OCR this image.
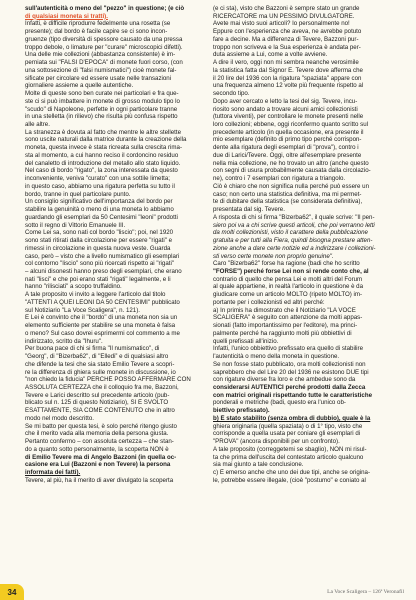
sull'autenticità o meno del "pezzo" in questione; (e ciò
di qualsiasi moneta si tratti).
Infatti, è difficile riprodurre fedelmente una rosetta (se
presente); dal bordo è facile capire se ci sono incon-
gruenze (tipo diversità di spessore causato da una pressa
troppo debole, o limature per "curare" microscopici difetti).
Una delle mie collezioni (abbastanza consistente) è im-
perniata sui "FALSI D'EPOCA" di monete fuori corso, (con
una sottosezione di "falsi numismatici") cioè monete fal-
sificate per circolare ed essere usate nelle transazioni
giornaliere assieme a quelle autentiche.
Molte di queste sono ben curate nei particolari e fra que-
ste ci si può imbattere in monete di grosso modulo tipo lo
"scudo" di Napoleone, perfette in ogni particolare tranne
in una stelletta (in rilievo) che risulta più confusa rispetto
alle altre.
La stranezza è dovuta al fatto che mentre le altre stellette
sono uscite naturali dalla matrice durante la creazione della
moneta, questa invece è stata ricreata sulla crescita rima-
sta al momento, a cui hanno reciso il cordoncino residuo
del canaletto di introduzione del metallo allo stato liquido.
Nel caso di bordo "rigato", la zona interessata da questo
inconveniente, veniva "curato" con una sottile limetta;
in questo caso, abbiamo una rigatura perfetta su tutto il
bordo, tranne in quel particolare punto.
Un consiglio significativo dell'importanza del bordo per
stabilire la genuinità o meno di una moneta lo abbiamo
guardando gli esemplari da 50 Centesimi "leoni" prodotti
sotto il regno di Vittorio Emanuele III.
Come Lei sa, sono nati col bordo "liscio"; poi, nel 1920
sono stati ritirati dalla circolazione per essere "rigati" e
rimessi in circolazione in questa nuova veste. Guarda
caso, però – visto che a livello numismatico gli esemplari
col contorno "liscio" sono più ricercati rispetto ai "rigati"
– alcuni disonesti hanno preso degli esemplari, che erano
nati "lisci" e che poi erano stati "rigati" legalmente, e li
hanno "rilisciati" a scopo truffaldino.
A tale proposito vi invito a leggere l'articolo dal titolo
"ATTENTI A QUEI LEONI DA 50 CENTESIMI" pubblicato
sul Notiziario "La Voce Scaligera", n. 121).
E Lei è convinto che il "bordo" di una moneta non sia un
elemento sufficiente per stabilire se una moneta è falsa
o meno? Sul caso dovrei esprimermi col commento a me
indirizzato, scritto da "Ihuru".
Per buona pace di chi si firma "Il numismatico", di
"Georg", di "Bizerba62", di "Ellediˮ e di qualsiasi altro
che difende la tesi che sia stato Emilio Tevere a scopri-
re la differenza di ghiera sulle monete in discussione, io
"non chiedo la fiducia" PERCHÈ POSSO AFFERMARE CON
ASSOLUTA CERTEZZA che il colloquio fra me, Bazzoni,
Tevere e Larici descritto sul precedente articolo (pub-
blicato sul n. 125 di questo Notiziario), SI È SVOLTO
ESATTAMENTE, SIA COME CONTENUTO che in altro
modo nel modo descritto.
Se mi batto per questa tesi, è solo perché ritengo giusto
che il merito vada alla memoria della persona giusta.
Pertanto confermo – con assoluta certezza – che stan-
do a quanto sotto personalmente, la scoperta NON è
di Emilio Tevere ma di Angelo Bazzoni (in quella oc-
casione era Lui (Bazzoni e non Tevere) la persona
informata dei fatti).
Tevere, al più, ha il merito di aver divulgato la scoperta
(e ci sta), visto che Bazzoni è sempre stato un grande
RICERCATORE ma UN PESSIMO DIVULGATORE.
Avete mai visto suoi articoli? Io personalmente no!
Eppure con l'esperienza che aveva, ne avrebbe potuto
fare a decine. Ma a differenza di Tevere, Bazzoni pur-
troppo non scriveva e la Sua esperienza è andata per-
duta assieme a Lui, come a volte avviene.
A dire il vero, oggi non mi sembra neanche verosimile
la statistica fatta dal Signor E. Tevere dove afferma che
il 20 lire del 1936 con la rigatura "spaziata" appare con
una frequenza almeno 12 volte più frequente rispetto al
secondo tipo.
Dopo aver cercato e letto la tesi del sig. Tevere, incu-
riosito sono andato a trovare alcuni amici collezionisti
(tuttora viventi), per controllare le monete presenti nelle
loro collezioni; ebbene, oggi riconfermo quanto scritto sul
precedente articolo (in quella occasione, era presente il
mio esemplare (definito di primo tipo perché corrispon-
dente alla rigatura degli esemplari di "prova"), contro i
due di Larici/Tevere. Oggi, oltre all'esemplare presente
nella mia collezione, ne ho trovato un altro (anche questo
con segni di usura probabilmente causata dalla circolazio-
ne), contro i 7 esemplari con rigatura a triangolo.
Ciò è chiaro che non significa nulla perché può essere un
caso; non certo una statistica definitiva, ma mi permet-
te di dubitare della statistica (se considerata definitiva),
presentata dal sig. Tevere.
A risposta di chi si firma "Bizerba62", il quale scrive: "Il pen-
siero poi va a chi scrive questi articoli, che poi verranno letti
da molti collezionisti, visto il carattere della pubblicazione
gratuita e per tutti alla Fiera, quindi bisogna prestare atten-
zione anche a dare certe notizie ed a indirizzare i collezioni-
sti verso certe monete non proprio genuine".
Caro "Bizerba62" forse ha ragione (badi che ho scritto
"FORSE") perché forse Lei non si rende conto che, al
contrario di quello che pensa Lei e molti altri del Forum
al quale appartiene, in realtà l'articolo in questione è da
giudicare come un articolo MOLTO (ripeto MOLTO) im-
portante per i collezionisti ed altri perché:
a) In primis ha dimostrato che il Notiziario "LA VOCE
SCALIGERA" è seguito con attenzione da molti appas-
sionati (fatto importantissimo per l'editore), ma princi-
palmente perché ha raggiunto molti più obbiettivi di
quelli prefissati all'inizio.
Infatti, l'unico obbiettivo prefissato era quello di stabilire
l'autenticità o meno della moneta in questione.
Se non fosse stato pubblicato, ora molti collezionisti non
saprebbero che del Lire 20 del 1936 ne esistono DUE tipi
con rigature diverse fra loro e che ambedue sono da
considerarsi AUTENTICI perché prodotti dalla Zecca
con matrici originali rispettando tutte le caratteristiche
ponderali e metriche (badi, questo era l'unico ob-
biettivo prefissato).
b) È stato stabilito (senza ombra di dubbio), quale è la
ghiera originaria (quella spaziata) o di 1° tipo, visto che
corrisponde a quella usata per coniare gli esemplari di
"PROVA" (ancora disponibili per un confronto).
A tale proposito (correggetemi se sbaglio), NON mi risul-
ta che prima dell'uscita del contestato articolo qualcuno
sia mai giunto a tale conclusione.
c) È emerso anche che uno dei due tipi, anche se origina-
le, potrebbe essere illegale, (cioè "postumo" e coniato al
34	La Voce Scaligera – 126ª Veronafil
